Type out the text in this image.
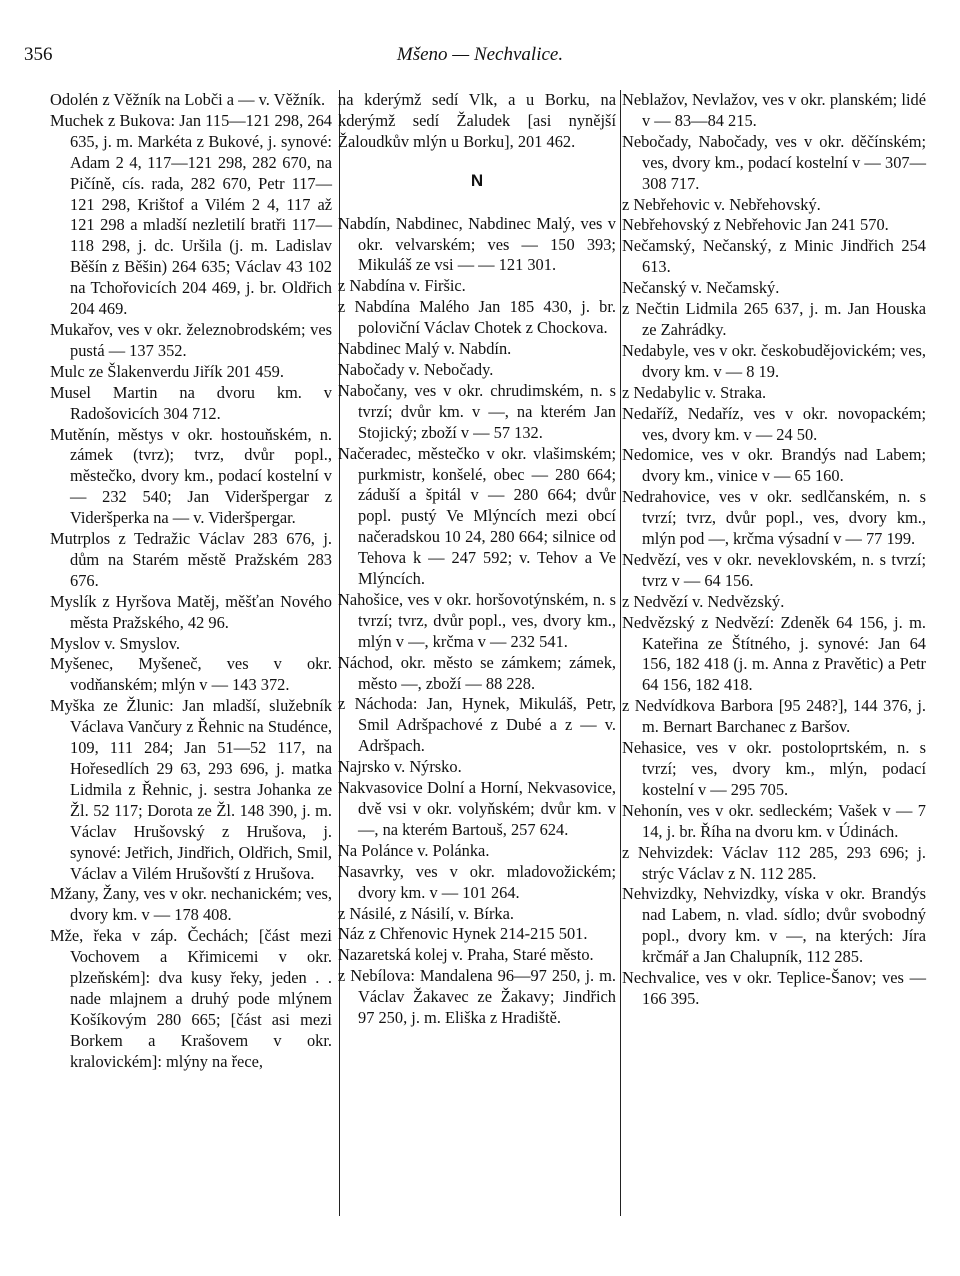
356	Mšeno — Nechvalice.

Odolén z Věžník na Lobči a — v. Věžník.

Muchek z Bukova: Jan 115—121 298, 264 635, j. m. Markéta z Bukové, j. synové: Adam 2 4, 117—121 298, 282 670, na Pičíně, cís. rada, 282 670, Petr 117—121 298, Krištof a Vilém 2 4, 117 až 121 298 a mladší nezletilí bratři 117—118 298, j. dc. Uršila (j. m. Ladislav Běšín z Běšin) 264 635; Václav 43 102 na Tchořovicích 204 469, j. br. Oldřich 204 469.

Mukařov, ves v okr. železnobrodském; ves pustá — 137 352.

Mulc ze Šlakenverdu Jiřík 201 459.

Musel Martin na dvoru km. v Radošovicích 304 712.

Mutěnín, městys v okr. hostouňském, n. zámek (tvrz); tvrz, dvůr popl., městečko, dvory km., podací kostelní v — 232 540; Jan Videršpergar z Videršperka na — v. Videršpergar.

Mutrplos z Tedražic Václav 283 676, j. dům na Starém městě Pražském 283 676.

Myslík z Hyršova Matěj, měšťan Nového města Pražského, 42 96.

Myslov v. Smyslov.

Myšenec, Myšeneč, ves v okr. vodňanském; mlýn v — 143 372.

Myška ze Žlunic: Jan mladší, služebník Václava Vančury z Řehnic na Studénce, 109, 111 284; Jan 51—52 117, na Hořesedlích 29 63, 293 696, j. matka Lidmila z Řehnic, j. sestra Johanka ze Žl. 52 117; Dorota ze Žl. 148 390, j. m. Václav Hrušovský z Hrušova, j. synové: Jetřich, Jindřich, Oldřich, Smil, Václav a Vilém Hrušovští z Hrušova.

Mžany, Žany, ves v okr. nechanickém; ves, dvory km. v — 178 408.

Mže, řeka v záp. Čechách; [část mezi Vochovem a Křimicemi v okr. plzeňském]: dva kusy řeky, jeden . . nade mlajnem a druhý pode mlýnem Košíkovým 280 665; [část asi mezi Borkem a Krašovem v okr. kralovickém]: mlýny na řece,

na kderýmž sedí Vlk, a u Borku, na kderýmž sedí Žaludek [asi nynější Žaloudkův mlýn u Borku], 201 462.

N

Nabdín, Nabdinec, Nabdinec Malý, ves v okr. velvarském; ves — 150 393; Mikuláš ze vsi — — 121 301.

z Nabdína v. Firšic.

z Nabdína Malého Jan 185 430, j. br. poloviční Václav Chotek z Chockova.

Nabdinec Malý v. Nabdín.

Nabočady v. Nebočady.

Nabočany, ves v okr. chrudimském, n. s tvrzí; dvůr km. v —, na kterém Jan Stojický; zboží v — 57 132.

Načeradec, městečko v okr. vlašimském; purkmistr, konšelé, obec — 280 664; záduší a špitál v — 280 664; dvůr popl. pustý Ve Mlýncích mezi obcí načeradskou 10 24, 280 664; silnice od Tehova k — 247 592; v. Tehov a Ve Mlýncích.

Nahošice, ves v okr. horšovotýnském, n. s tvrzí; tvrz, dvůr popl., ves, dvory km., mlýn v —, krčma v — 232 541.

Náchod, okr. město se zámkem; zámek, město —, zboží — 88 228.

z Náchoda: Jan, Hynek, Mikuláš, Petr, Smil Adršpachové z Dubé a z — v. Adršpach.

Najrsko v. Nýrsko.

Nakvasovice Dolní a Horní, Nekvasovice, dvě vsi v okr. volyňském; dvůr km. v —, na kterém Bartouš, 257 624.

Na Polánce v. Polánka.

Nasavrky, ves v okr. mladovožickém; dvory km. v — 101 264.

z Násilé, z Násilí, v. Bírka.

Náz z Chřenovic Hynek 214-215 501.

Nazaretská kolej v. Praha, Staré město.

z Nebílova: Mandalena 96—97 250, j. m. Václav Žakavec ze Žakavy; Jindřich 97 250, j. m. Eliška z Hradiště.

Neblažov, Nevlažov, ves v okr. planském; lidé v — 83—84 215.

Nebočady, Nabočady, ves v okr. děčínském; ves, dvory km., podací kostelní v — 307—308 717.

z Nebřehovic v. Nebřehovský.

Nebřehovský z Nebřehovic Jan 241 570.

Nečamský, Nečanský, z Minic Jindřich 254 613.

Nečanský v. Nečamský.

z Nečtin Lidmila 265 637, j. m. Jan Houska ze Zahrádky.

Nedabyle, ves v okr. českobudějovickém; ves, dvory km. v — 8 19.

z Nedabylic v. Straka.

Nedaříž, Nedaříz, ves v okr. novopackém; ves, dvory km. v — 24 50.

Nedomice, ves v okr. Brandýs nad Labem; dvory km., vinice v — 65 160.

Nedrahovice, ves v okr. sedlčanském, n. s tvrzí; tvrz, dvůr popl., ves, dvory km., mlýn pod —, krčma výsadní v — 77 199.

Nedvězí, ves v okr. neveklovském, n. s tvrzí; tvrz v — 64 156.

z Nedvězí v. Nedvězský.

Nedvězský z Nedvězí: Zdeněk 64 156, j. m. Kateřina ze Štítného, j. synové: Jan 64 156, 182 418 (j. m. Anna z Pravětic) a Petr 64 156, 182 418.

z Nedvídkova Barbora [95 248?], 144 376, j. m. Bernart Barchanec z Baršov.

Nehasice, ves v okr. postoloprtském, n. s tvrzí; ves, dvory km., mlýn, podací kostelní v — 295 705.

Nehonín, ves v okr. sedleckém; Vašek v — 7 14, j. br. Říha na dvoru km. v Údinách.

z Nehvizdek: Václav 112 285, 293 696; j. strýc Václav z N. 112 285.

Nehvizdky, Nehvizdky, víska v okr. Brandýs nad Labem, n. vlad. sídlo; dvůr svobodný popl., dvory km. v —, na kterých: Jíra krčmář a Jan Chalupník, 112 285.

Nechvalice, ves v okr. Teplice-Šanov; ves — 166 395.
